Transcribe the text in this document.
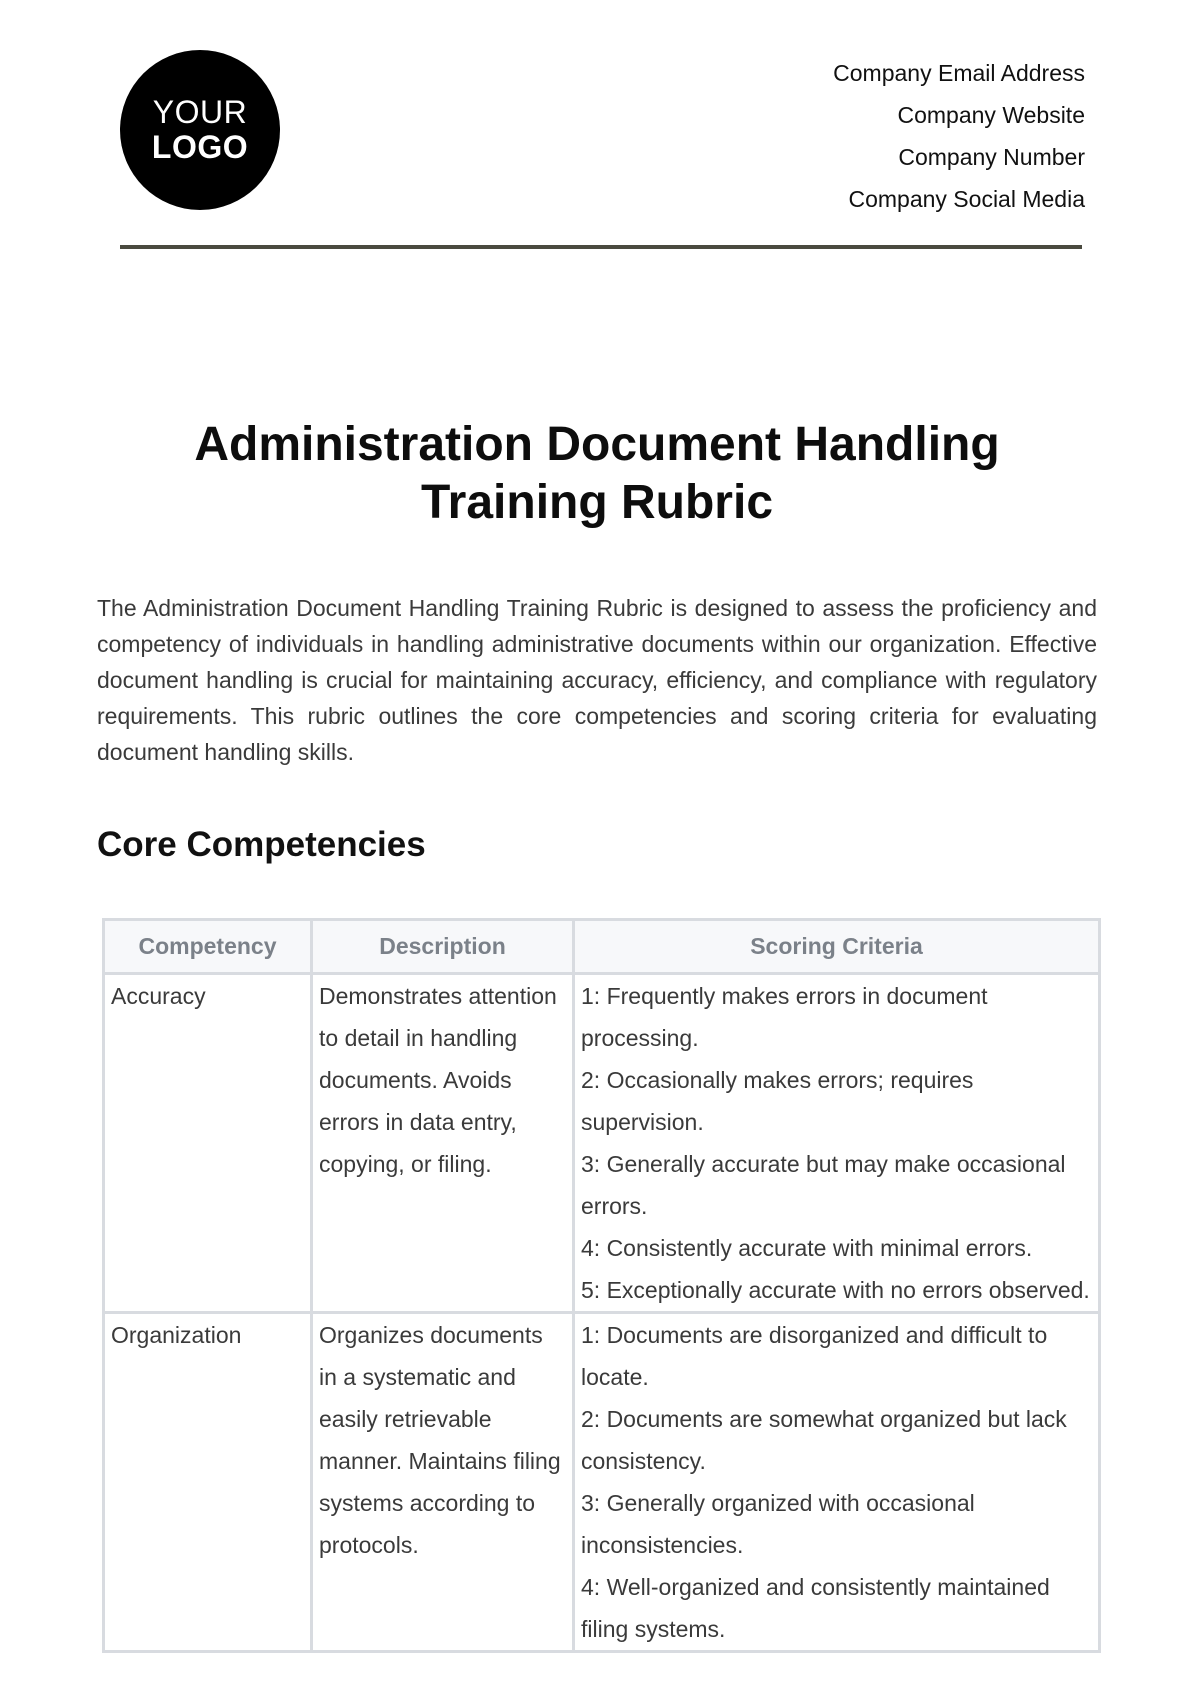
YOUR
LOGO
Company Email Address
Company Website
Company Number
Company Social Media
Administration Document Handling Training Rubric

The Administration Document Handling Training Rubric is designed to assess the proficiency and competency of individuals in handling administrative documents within our organization. Effective document handling is crucial for maintaining accuracy, efficiency, and compliance with regulatory requirements. This rubric outlines the core competencies and scoring criteria for evaluating document handling skills.

Core Competencies
Competency	Description	Scoring Criteria
Accuracy	Demonstrates attention to detail in handling documents. Avoids errors in data entry, copying, or filing.	1: Frequently makes errors in document processing.
2: Occasionally makes errors; requires supervision.
3: Generally accurate but may make occasional errors.
4: Consistently accurate with minimal errors.
5: Exceptionally accurate with no errors observed.

Organization	Organizes documents in a systematic and easily retrievable manner. Maintains filing systems according to protocols.	1: Documents are disorganized and difficult to locate.
2: Documents are somewhat organized but lack consistency.
3: Generally organized with occasional inconsistencies.
4: Well-organized and consistently maintained filing systems.
